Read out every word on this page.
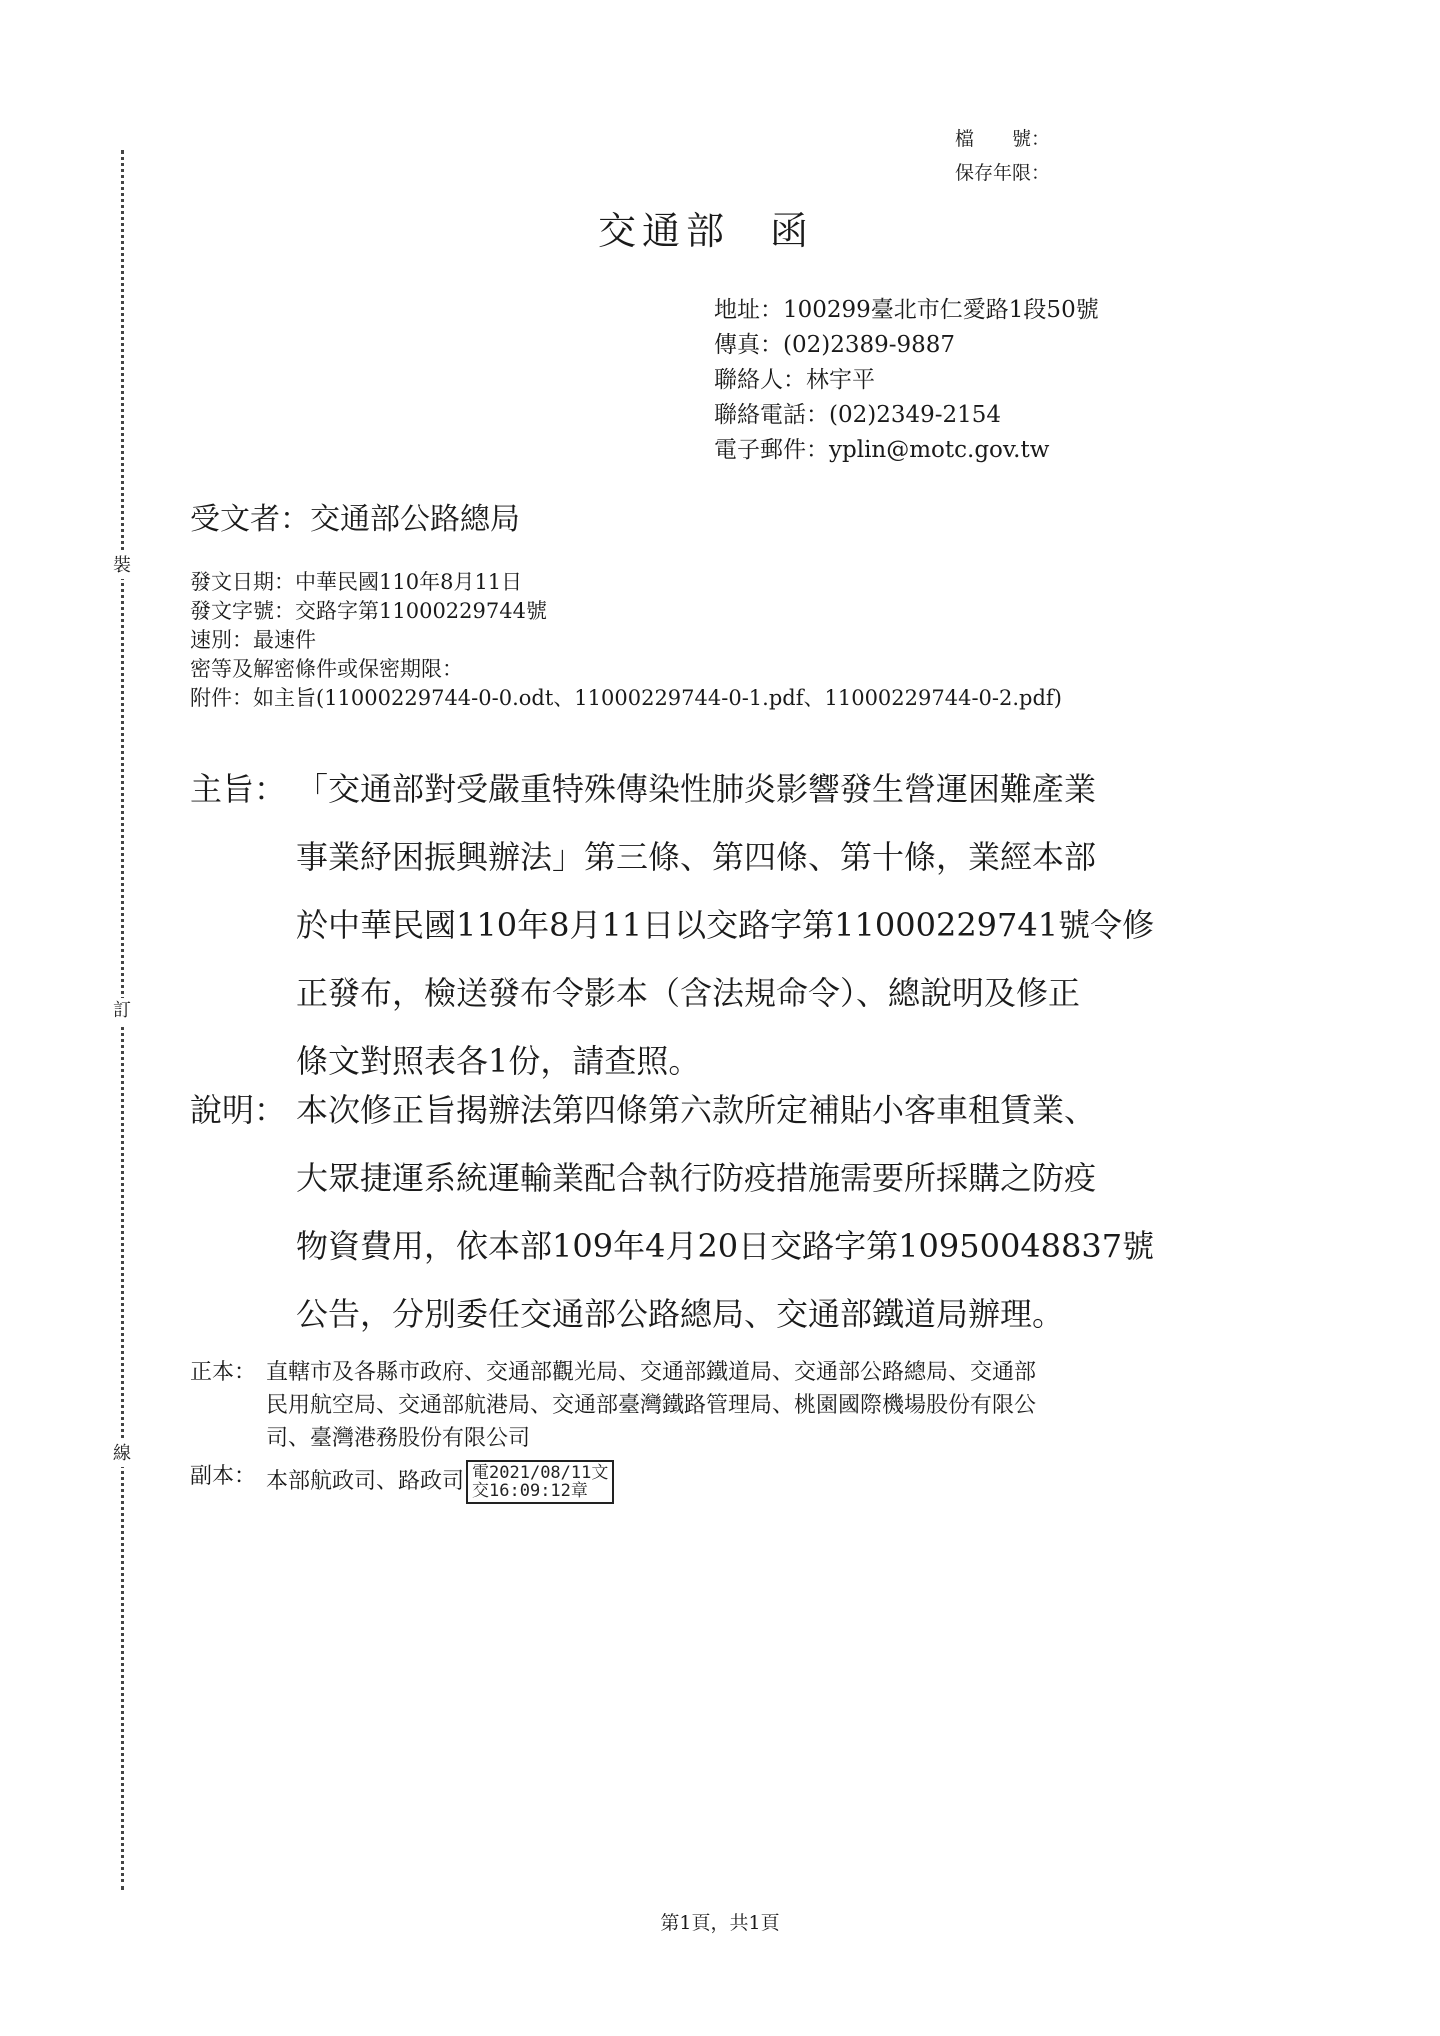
裝
訂
線
檔　　號：
保存年限：
交通部 函
地址：100299臺北市仁愛路1段50號
傳真：(02)2389-9887
聯絡人：林宇平
聯絡電話：(02)2349-2154
電子郵件：yplin@motc.gov.tw
受文者：交通部公路總局
發文日期：中華民國110年8月11日
發文字號：交路字第11000229744號
速別：最速件
密等及解密條件或保密期限：
附件：如主旨(11000229744-0-0.odt、11000229744-0-1.pdf、11000229744-0-2.pdf)
主旨： 「交通部對受嚴重特殊傳染性肺炎影響發生營運困難產業
事業紓困振興辦法」第三條、第四條、第十條，業經本部
於中華民國110年8月11日以交路字第11000229741號令修
正發布，檢送發布令影本（含法規命令）、總說明及修正
條文對照表各1份，請查照。
說明： 本次修正旨揭辦法第四條第六款所定補貼小客車租賃業、
大眾捷運系統運輸業配合執行防疫措施需要所採購之防疫
物資費用，依本部109年4月20日交路字第10950048837號
公告，分別委任交通部公路總局、交通部鐵道局辦理。
正本： 直轄市及各縣市政府、交通部觀光局、交通部鐵道局、交通部公路總局、交通部
民用航空局、交通部航港局、交通部臺灣鐵路管理局、桃園國際機場股份有限公
司、臺灣港務股份有限公司
副本： 本部航政司、路政司 電2021/08/11文
交16:09:12章
第1頁，共1頁
